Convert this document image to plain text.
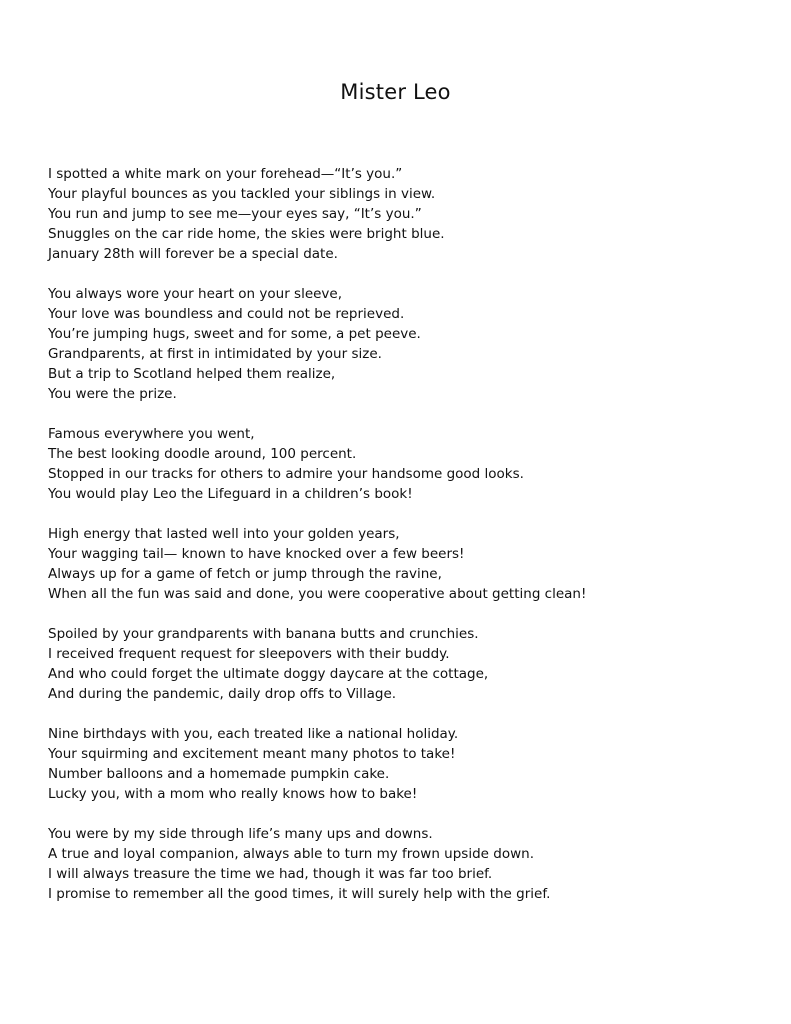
Mister Leo
I spotted a white mark on your forehead—“It’s you.”
Your playful bounces as you tackled your siblings in view.
You run and jump to see me—your eyes say, “It’s you.”
Snuggles on the car ride home, the skies were bright blue.
January 28th will forever be a special date.
You always wore your heart on your sleeve,
Your love was boundless and could not be reprieved.
You’re jumping hugs, sweet and for some, a pet peeve.
Grandparents, at first in intimidated by your size.
But a trip to Scotland helped them realize,
You were the prize.
Famous everywhere you went,
The best looking doodle around, 100 percent.
Stopped in our tracks for others to admire your handsome good looks.
You would play Leo the Lifeguard in a children’s book!
High energy that lasted well into your golden years,
Your wagging tail— known to have knocked over a few beers!
Always up for a game of fetch or jump through the ravine,
When all the fun was said and done, you were cooperative about getting clean!
Spoiled by your grandparents with banana butts and crunchies.
I received frequent request for sleepovers with their buddy.
And who could forget the ultimate doggy daycare at the cottage,
And during the pandemic, daily drop offs to Village.
Nine birthdays with you, each treated like a national holiday.
Your squirming and excitement meant many photos to take!
Number balloons and a homemade pumpkin cake.
Lucky you, with a mom who really knows how to bake!
You were by my side through life’s many ups and downs.
A true and loyal companion, always able to turn my frown upside down.
I will always treasure the time we had, though it was far too brief.
I promise to remember all the good times, it will surely help with the grief.
